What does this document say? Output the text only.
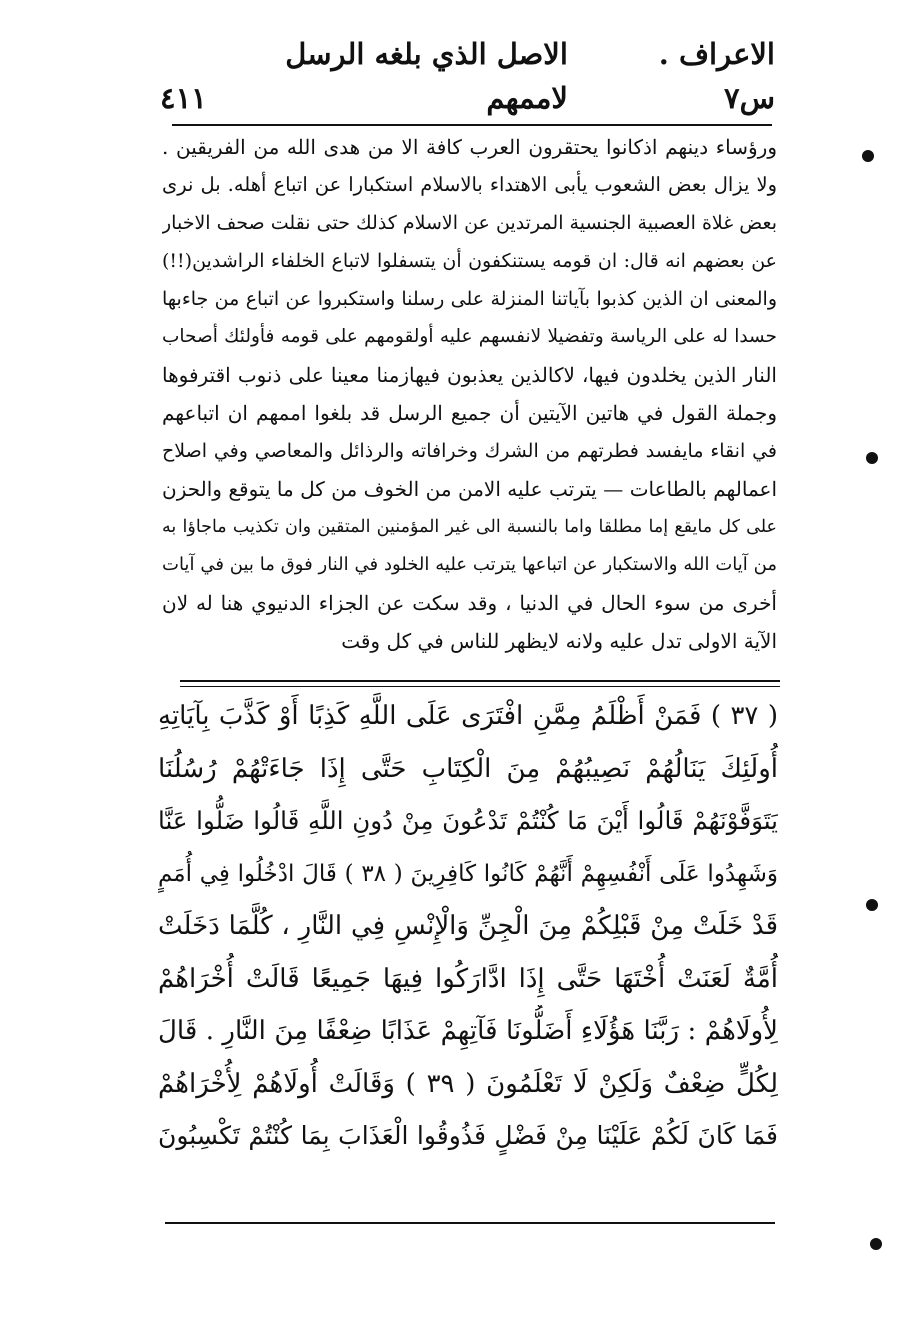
الاعراف . س٧
الاصل الذي بلغه الرسل لاممهم
٤١١
ورؤساء دينهم اذكانوا يحتقرون العرب كافة الا من هدى الله من الفريقين .
ولا يزال بعض الشعوب يأبى الاهتداء بالاسلام استكبارا عن اتباع أهله. بل نرى
بعض غلاة العصبية الجنسية المرتدين عن الاسلام كذلك حتى نقلت صحف الاخبار
عن بعضهم انه قال: ان قومه يستنكفون أن يتسفلوا لاتباع الخلفاء الراشدين(!!)
والمعنى ان الذين كذبوا بآياتنا المنزلة على رسلنا واستكبروا عن اتباع من جاءبها
حسدا له على الرياسة وتفضيلا لانفسهم عليه أولقومهم على قومه فأولئك أصحاب
النار الذين يخلدون فيها، لاكالذين يعذبون فيهازمنا معينا على ذنوب اقترفوها
وجملة القول في هاتين الآيتين أن جميع الرسل قد بلغوا اممهم ان اتباعهم
في انقاء مايفسد فطرتهم من الشرك وخرافاته والرذائل والمعاصي وفي اصلاح
اعمالهم بالطاعات — يترتب عليه الامن من الخوف من كل ما يتوقع والحزن
على كل مايقع إما مطلقا واما بالنسبة الى غير المؤمنين المتقين وان تكذيب ماجاؤا به
من آيات الله والاستكبار عن اتباعها يترتب عليه الخلود في النار فوق ما بين في آيات
أخرى من سوء الحال في الدنيا ، وقد سكت عن الجزاء الدنيوي هنا له لان
الآية الاولى تدل عليه ولانه لايظهر للناس في كل وقت
( ٣٧ ) فَمَنْ أَظْلَمُ مِمَّنِ افْتَرَى عَلَى اللَّهِ كَذِبًا أَوْ كَذَّبَ بِآيَاتِهِ
أُولَئِكَ يَنَالُهُمْ نَصِيبُهُمْ مِنَ الْكِتَابِ حَتَّى إِذَا جَاءَتْهُمْ رُسُلُنَا
يَتَوَفَّوْنَهُمْ قَالُوا أَيْنَ مَا كُنْتُمْ تَدْعُونَ مِنْ دُونِ اللَّهِ قَالُوا ضَلُّوا عَنَّا
وَشَهِدُوا عَلَى أَنْفُسِهِمْ أَنَّهُمْ كَانُوا كَافِرِينَ ( ٣٨ ) قَالَ ادْخُلُوا فِي أُمَمٍ
قَدْ خَلَتْ مِنْ قَبْلِكُمْ مِنَ الْجِنِّ وَالْإِنْسِ فِي النَّارِ ، كُلَّمَا دَخَلَتْ
أُمَّةٌ لَعَنَتْ أُخْتَهَا حَتَّى إِذَا ادَّارَكُوا فِيهَا جَمِيعًا قَالَتْ أُخْرَاهُمْ
لِأُولَاهُمْ : رَبَّنَا هَؤُلَاءِ أَضَلُّونَا فَآتِهِمْ عَذَابًا ضِعْفًا مِنَ النَّارِ . قَالَ
لِكُلٍّ ضِعْفٌ وَلَكِنْ لَا تَعْلَمُونَ ( ٣٩ ) وَقَالَتْ أُولَاهُمْ لِأُخْرَاهُمْ
فَمَا كَانَ لَكُمْ عَلَيْنَا مِنْ فَضْلٍ فَذُوقُوا الْعَذَابَ بِمَا كُنْتُمْ تَكْسِبُونَ
